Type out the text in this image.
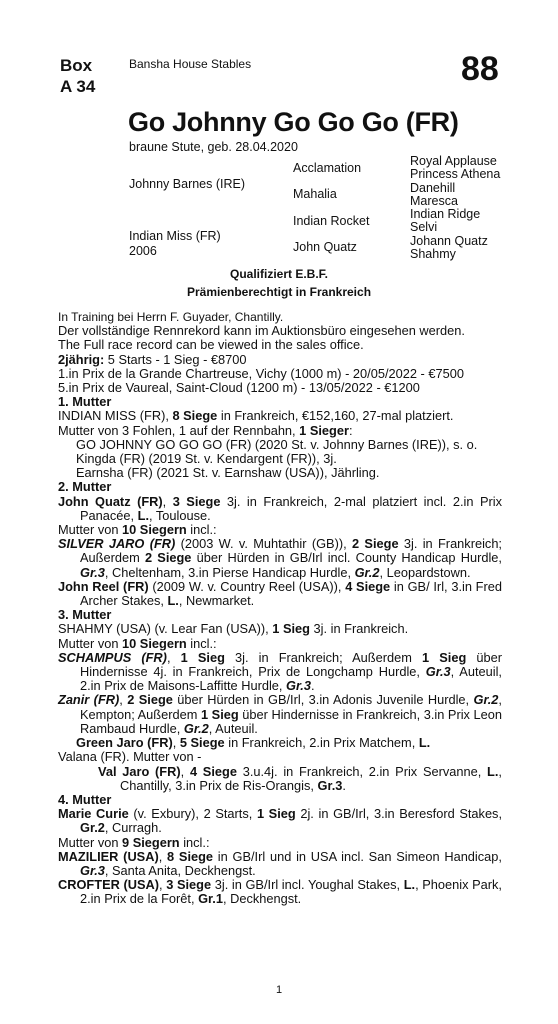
Box
A 34
Bansha House Stables	88
Go Johnny Go Go Go (FR)
braune Stute, geb. 28.04.2020
Johnny Barnes (IRE)
Indian Miss (FR)
2006
Acclamation
Mahalia
Indian Rocket
John Quatz
Royal Applause
Princess Athena
Danehill
Maresca
Indian Ridge
Selvi
Johann Quatz
Shahmy
Qualifiziert E.B.F.
Prämienberechtigt in Frankreich

In Training bei Herrn F. Guyader, Chantilly.

Der vollständige Rennrekord kann im Auktionsbüro eingesehen werden.

The Full race record can be viewed in the sales office.

2jährig: 5 Starts - 1 Sieg - €8700

1.in Prix de la Grande Chartreuse, Vichy (1000 m) - 20/05/2022 - €7500

5.in Prix de Vaureal, Saint-Cloud (1200 m) - 13/05/2022 - €1200

1. Mutter

INDIAN MISS (FR), 8 Siege in Frankreich, €152,160, 27-mal platziert.

Mutter von 3 Fohlen, 1 auf der Rennbahn, 1 Sieger:

GO JOHNNY GO GO GO (FR) (2020 St. v. Johnny Barnes (IRE)), s. o.

Kingda (FR) (2019 St. v. Kendargent (FR)), 3j.

Earnsha (FR) (2021 St. v. Earnshaw (USA)), Jährling.

2. Mutter

John Quatz (FR), 3 Siege 3j. in Frankreich, 2-mal platziert incl. 2.in Prix Panacée, L., Toulouse.

Mutter von 10 Siegern incl.:

SILVER JARO (FR) (2003 W. v. Muhtathir (GB)), 2 Siege 3j. in Frankreich; Außerdem 2 Siege über Hürden in GB/Irl incl. County Handicap Hurdle, Gr.3, Cheltenham, 3.in Pierse Handicap Hurdle, Gr.2, Leopardstown.

John Reel (FR) (2009 W. v. Country Reel (USA)), 4 Siege in GB/ Irl, 3.in Fred Archer Stakes, L., Newmarket.

3. Mutter

SHAHMY (USA) (v. Lear Fan (USA)), 1 Sieg 3j. in Frankreich.

Mutter von 10 Siegern incl.:

SCHAMPUS (FR), 1 Sieg 3j. in Frankreich; Außerdem 1 Sieg über Hindernisse 4j. in Frankreich, Prix de Longchamp Hurdle, Gr.3, Auteuil, 2.in Prix de Maisons-Laffitte Hurdle, Gr.3.

Zanir (FR), 2 Siege über Hürden in GB/Irl, 3.in Adonis Juvenile Hurdle, Gr.2, Kempton; Außerdem 1 Sieg über Hindernisse in Frankreich, 3.in Prix Leon Rambaud Hurdle, Gr.2, Auteuil.

Green Jaro (FR), 5 Siege in Frankreich, 2.in Prix Matchem, L.

Valana (FR). Mutter von -

Val Jaro (FR), 4 Siege 3.u.4j. in Frankreich, 2.in Prix Servanne, L., Chantilly, 3.in Prix de Ris-Orangis, Gr.3.

4. Mutter

Marie Curie (v. Exbury), 2 Starts, 1 Sieg 2j. in GB/Irl, 3.in Beresford Stakes, Gr.2, Curragh.

Mutter von 9 Siegern incl.:

MAZILIER (USA), 8 Siege in GB/Irl und in USA incl. San Simeon Handicap, Gr.3, Santa Anita, Deckhengst.

CROFTER (USA), 3 Siege 3j. in GB/Irl incl. Youghal Stakes, L., Phoenix Park, 2.in Prix de la Forêt, Gr.1, Deckhengst.

1
